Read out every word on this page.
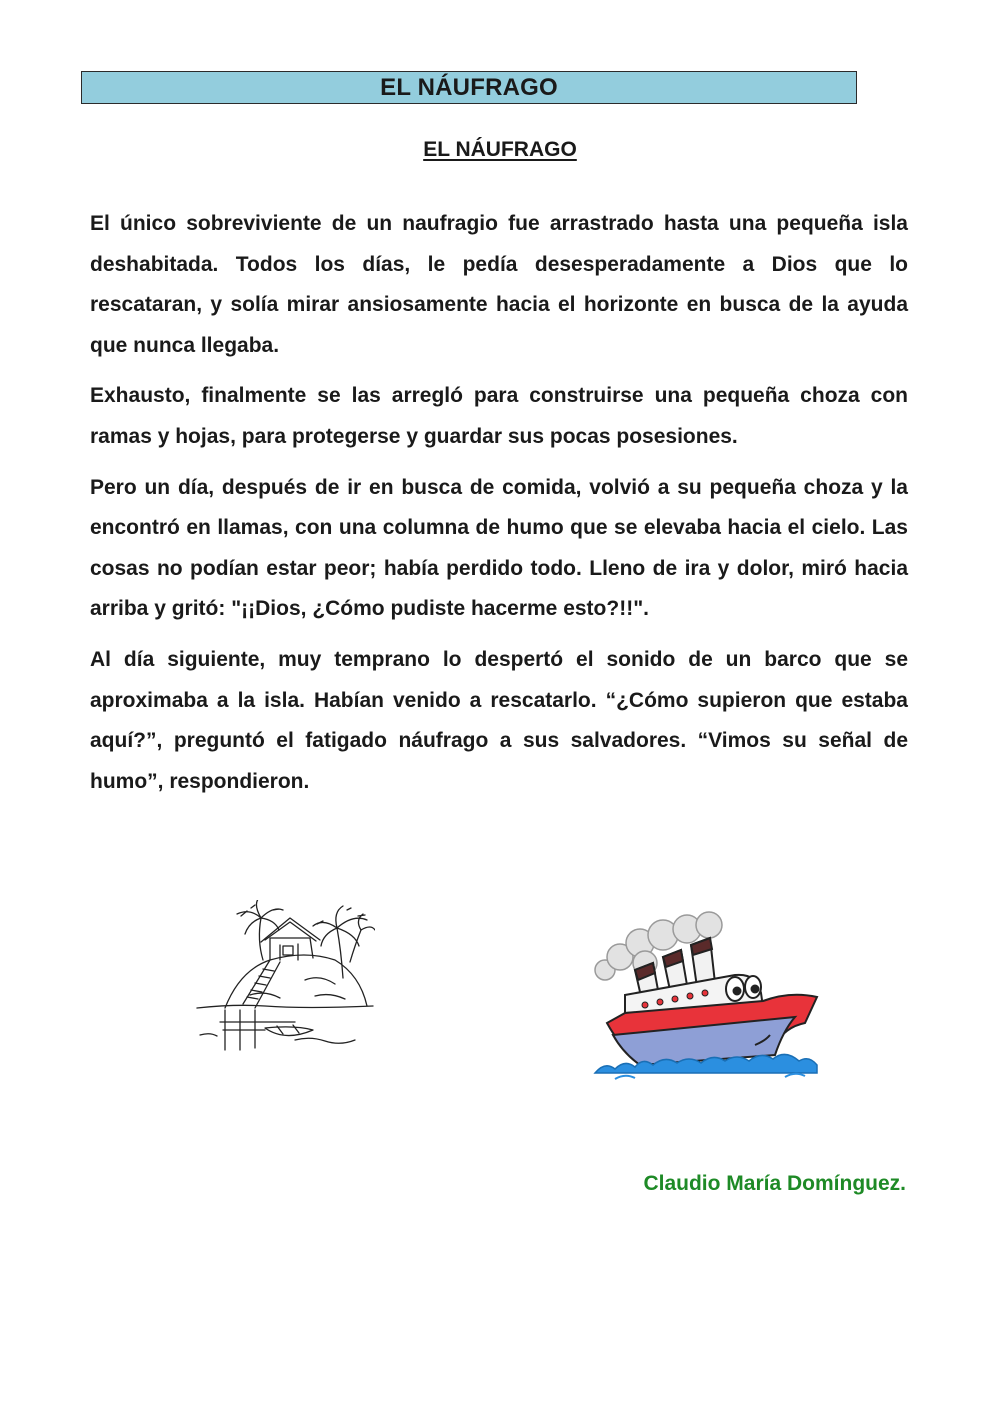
EL NÁUFRAGO
EL NÁUFRAGO

El único sobreviviente de un naufragio fue arrastrado hasta una pequeña isla deshabitada. Todos los días, le pedía desesperadamente a Dios que lo rescataran, y solía mirar ansiosamente hacia el horizonte en busca de la ayuda que nunca llegaba.

Exhausto, finalmente se las arregló para construirse una pequeña choza con ramas y hojas, para protegerse y guardar sus pocas posesiones.

Pero un día, después de ir en busca de comida, volvió a su pequeña choza y la encontró en llamas, con una columna de humo que se elevaba hacia el cielo. Las cosas no podían estar peor; había perdido todo. Lleno de ira y dolor, miró hacia arriba y gritó: "¡¡Dios, ¿Cómo pudiste hacerme esto?!!".

Al día siguiente, muy temprano lo despertó el sonido de un barco que se aproximaba a la isla. Habían venido a rescatarlo. “¿Cómo supieron que estaba aquí?”, preguntó el fatigado náufrago a sus salvadores. “Vimos su señal de humo”, respondieron.

Claudio María Domínguez.
